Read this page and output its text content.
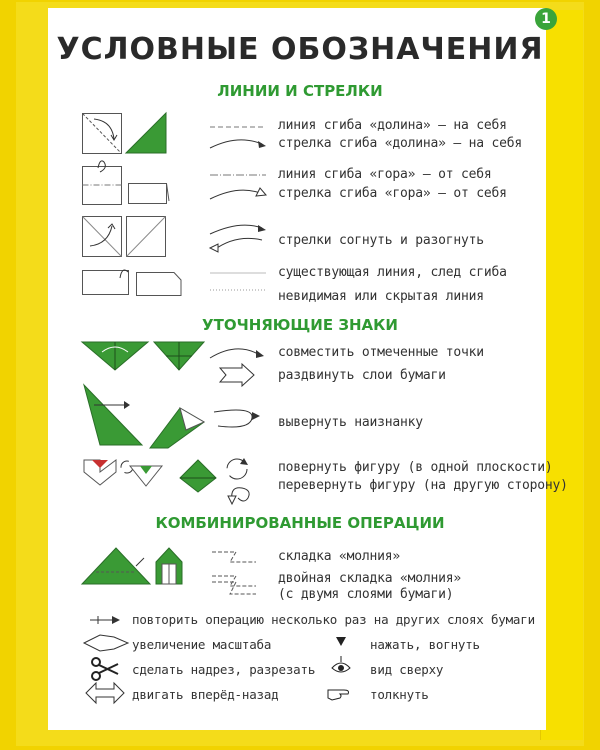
1
УСЛОВНЫЕ ОБОЗНАЧЕНИЯ
ЛИНИИ И СТРЕЛКИ
линия сгиба «долина» — на себя
стрелка сгиба «долина» — на себя
линия сгиба «гора» — от себя
стрелка сгиба «гора» — от себя
стрелки согнуть и разогнуть
существующая линия, след сгиба
невидимая или скрытая линия
УТОЧНЯЮЩИЕ ЗНАКИ
совместить отмеченные точки
раздвинуть слои бумаги
вывернуть наизнанку
повернуть фигуру (в одной плоскости)
перевернуть фигуру (на другую сторону)
КОМБИНИРОВАННЫЕ ОПЕРАЦИИ
складка «молния»
двойная складка «молния»
(с двумя слоями бумаги)
повторить операцию несколько раз на других слоях бумаги
увеличение масштаба	нажать, вогнуть
сделать надрез, разрезать	вид сверху
двигать вперёд-назад	толкнуть
